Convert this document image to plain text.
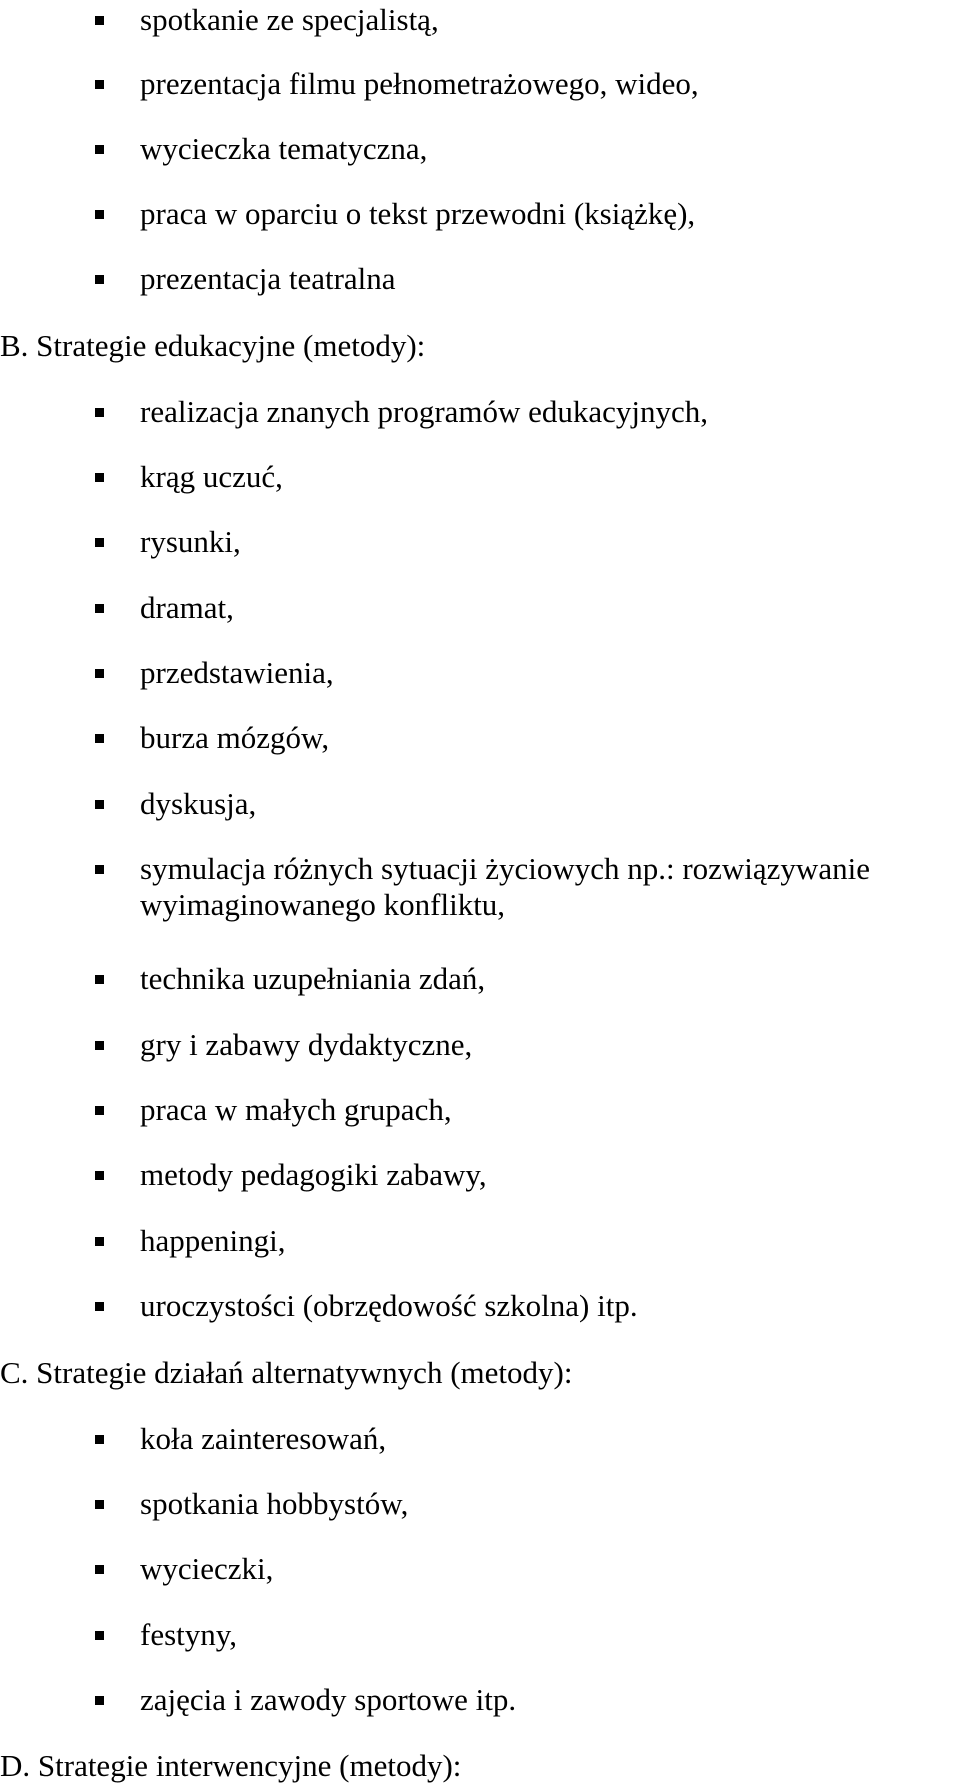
spotkanie ze specjalistą,
prezentacja filmu pełnometrażowego, wideo,
wycieczka tematyczna,
praca w oparciu o tekst przewodni (książkę),
prezentacja teatralna
B. Strategie edukacyjne (metody):
realizacja znanych programów edukacyjnych,
krąg uczuć,
rysunki,
dramat,
przedstawienia,
burza mózgów,
dyskusja,
symulacja różnych sytuacji życiowych np.: rozwiązywanie wyimaginowanego konfliktu,
technika uzupełniania zdań,
gry i zabawy dydaktyczne,
praca w małych grupach,
metody pedagogiki zabawy,
happeningi,
uroczystości (obrzędowość szkolna) itp.
C. Strategie działań alternatywnych (metody):
koła zainteresowań,
spotkania hobbystów,
wycieczki,
festyny,
zajęcia i zawody sportowe itp.
D. Strategie interwencyjne (metody):
